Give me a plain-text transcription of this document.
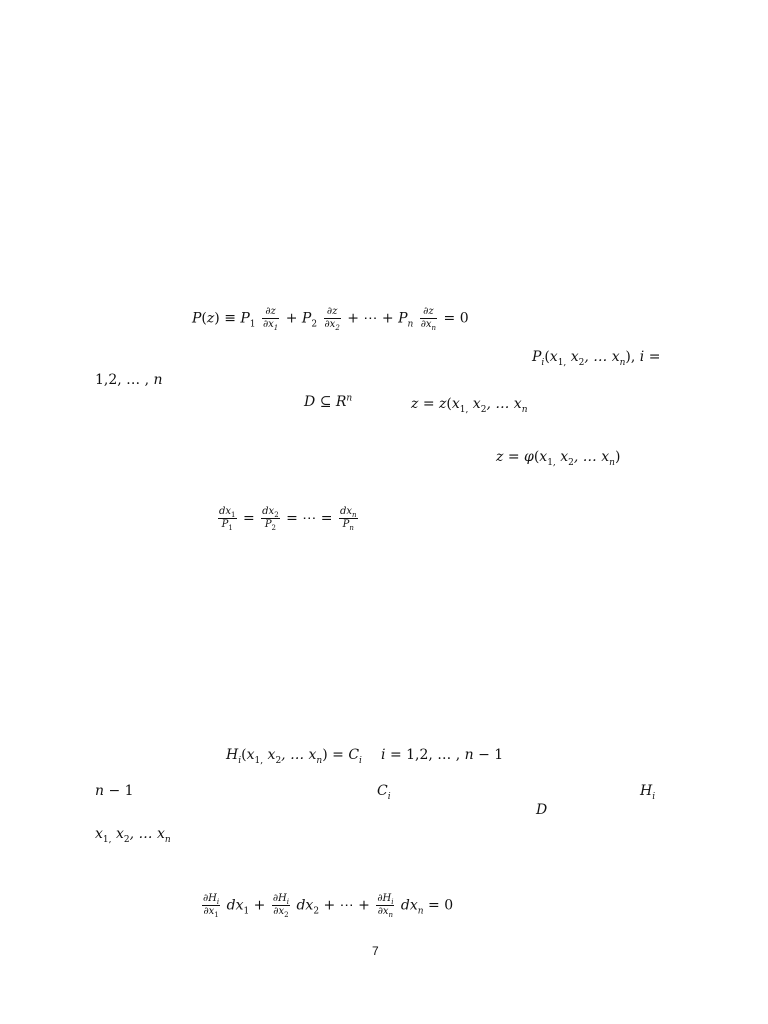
$P(z) \equiv P_1 \frac{\partial z}{\partial x_1} + P_2 \frac{\partial z}{\partial x_2}$ + ⋯ + $P_n \frac{\partial z}{\partial x_n} = 0$
$P_i(x_{1,}$ $x_2$, … $x_n$), i =
1,2, … , n
D ⊆ $R^n$	$z = z(x_{1,}$ $x_2$, … $x_n$
$z = \varphi(x_{1,}$ $x_2$, … $x_n$)
$\frac{dx_1}{P_1} = \frac{dx_2}{P_2}$ = ⋯ = $\frac{dx_n}{P_n}$
$H_i(x_{1,}$ $x_2$, … $x_n) = C_i$ i = 1,2, … , n − 1
n − 1	$C_i$	$H_i$
D
$x_{1,}$ $x_2$, … $x_n$
$\frac{\partial H_i}{\partial x_1} dx_1 + \frac{\partial H_i}{\partial x_2} dx_2$ + ⋯ + $\frac{\partial H_i}{\partial x_n} dx_n = 0$
7
